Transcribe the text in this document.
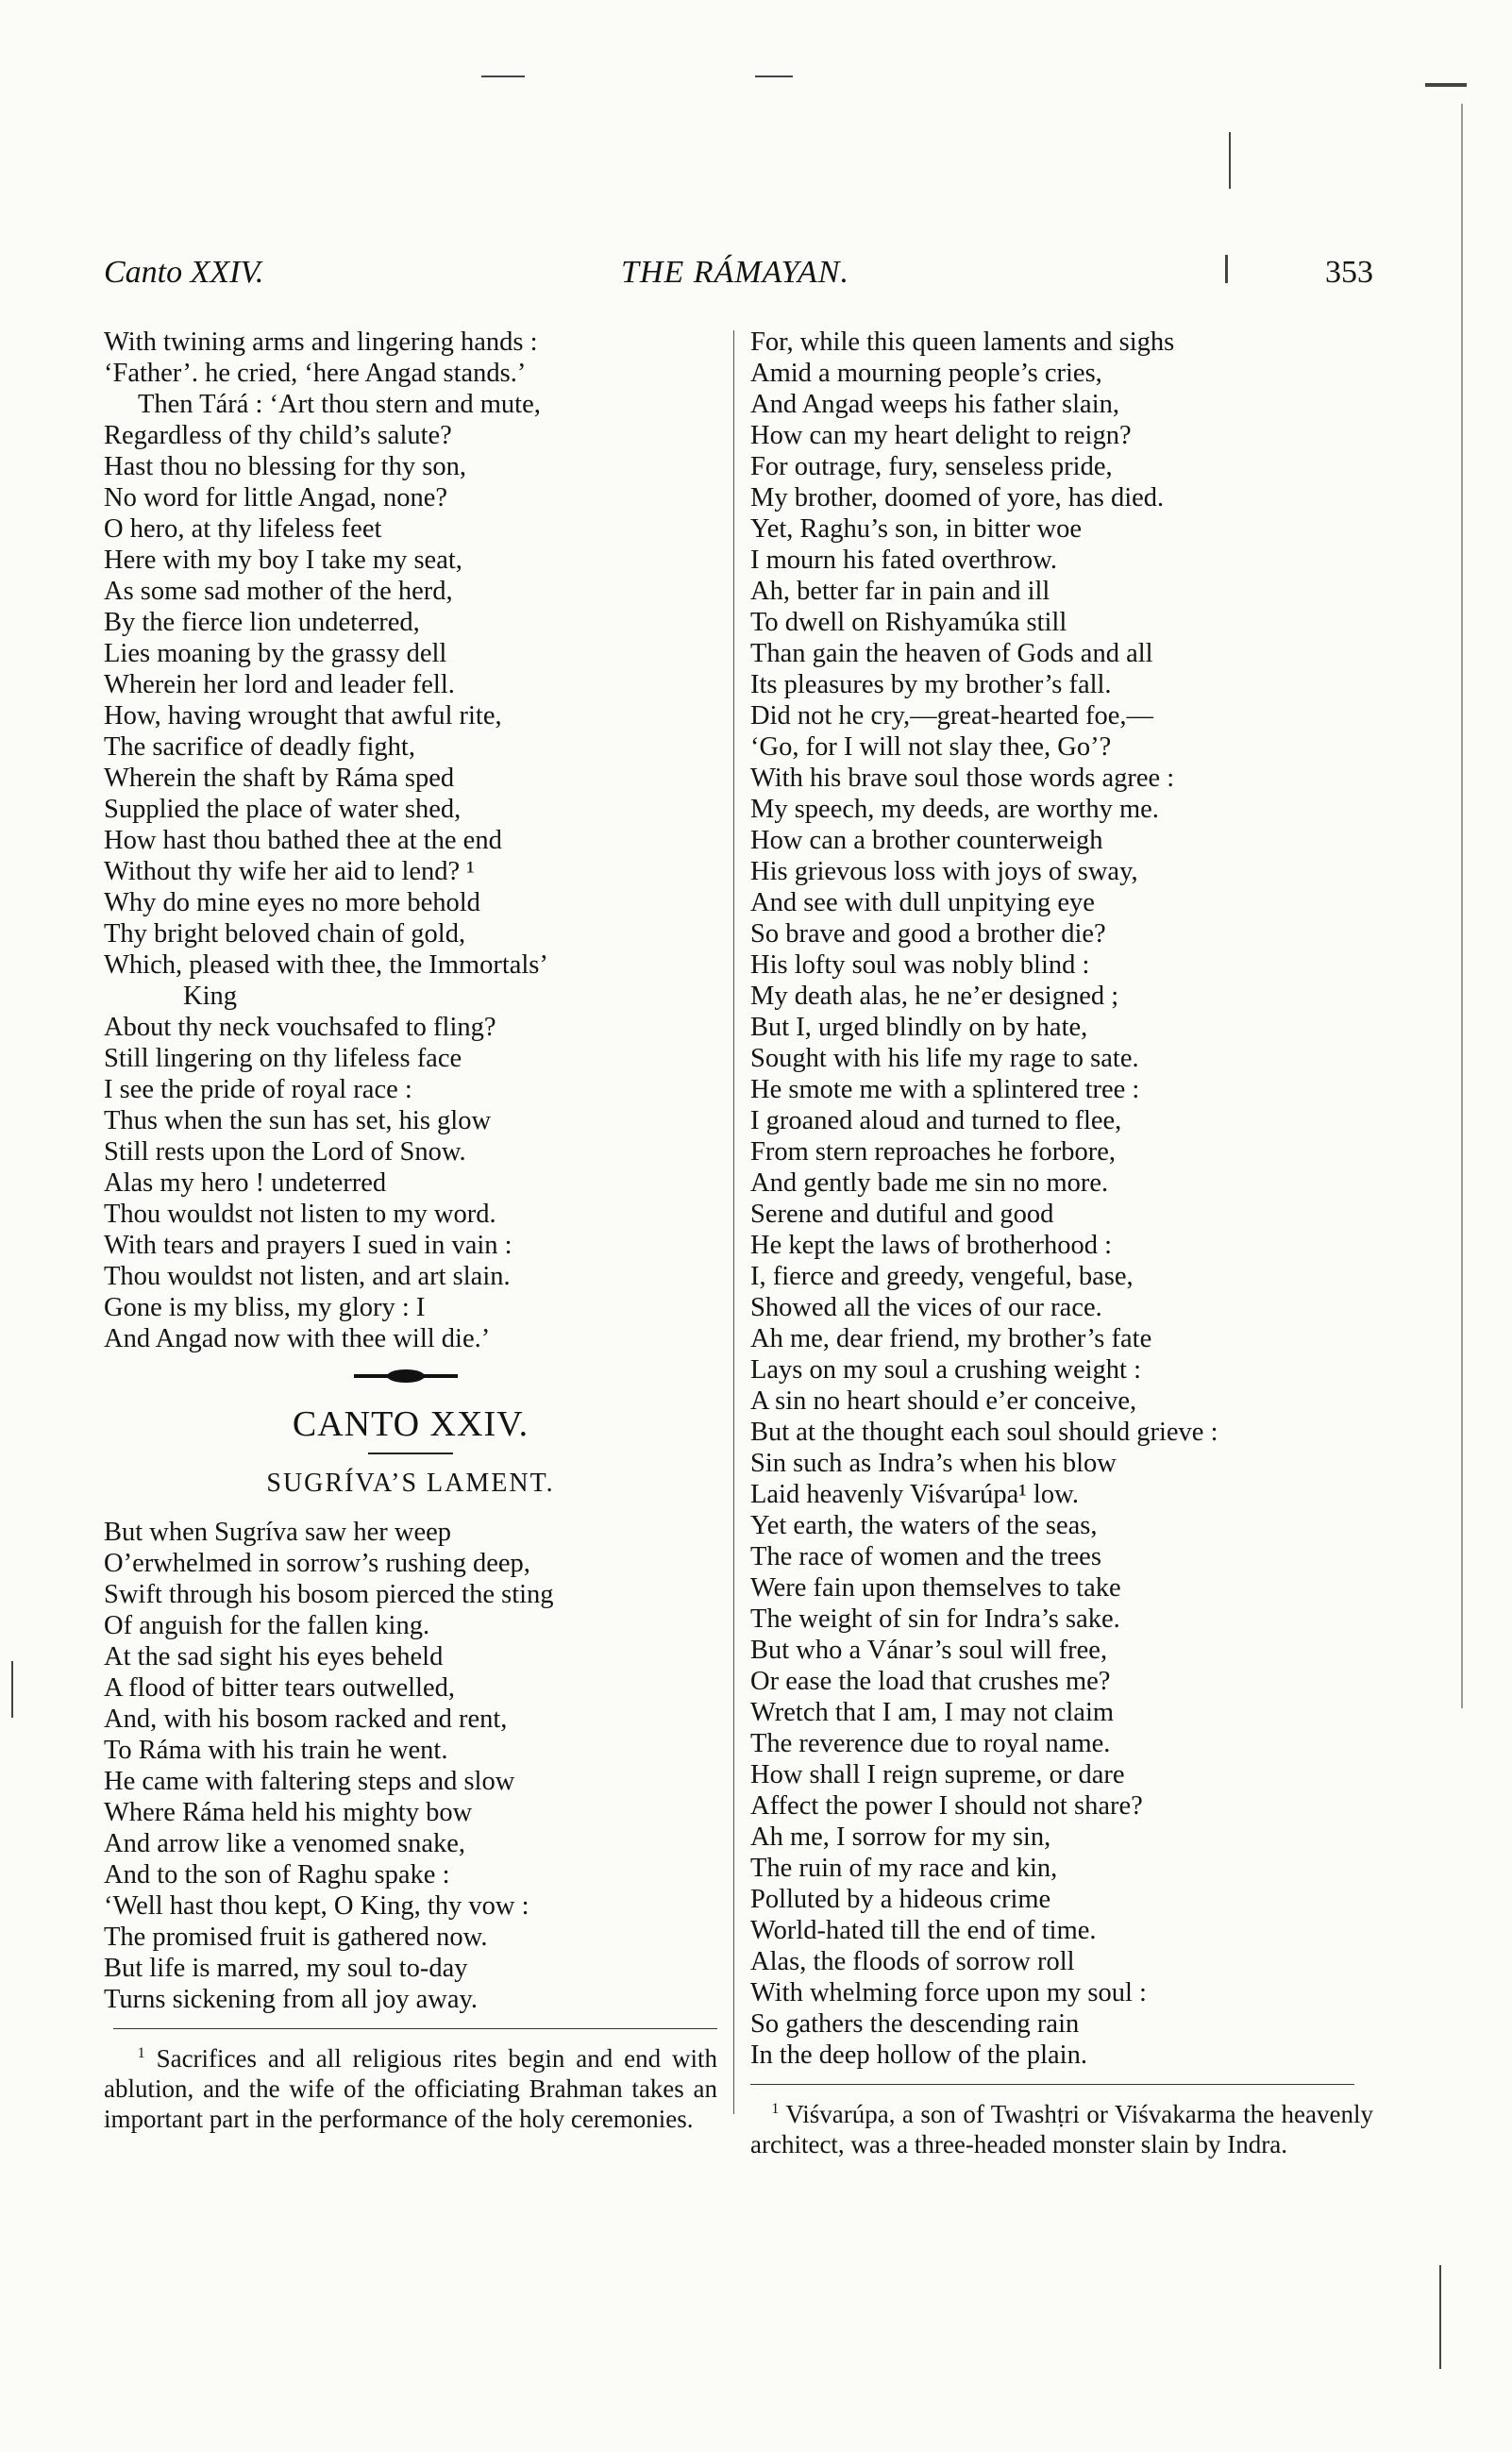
Canto XXIV.	THE RÁMAYAN.	353
With twining arms and lingering hands :
‘Father’. he cried, ‘here Angad stands.’
Then Tárá : ‘Art thou stern and mute,
Regardless of thy child’s salute?
Hast thou no blessing for thy son,
No word for little Angad, none?
O hero, at thy lifeless feet
Here with my boy I take my seat,
As some sad mother of the herd,
By the fierce lion undeterred,
Lies moaning by the grassy dell
Wherein her lord and leader fell.
How, having wrought that awful rite,
The sacrifice of deadly fight,
Wherein the shaft by Ráma sped
Supplied the place of water shed,
How hast thou bathed thee at the end
Without thy wife her aid to lend? ¹
Why do mine eyes no more behold
Thy bright beloved chain of gold,
Which, pleased with thee, the Immortals’
King
About thy neck vouchsafed to fling?
Still lingering on thy lifeless face
I see the pride of royal race :
Thus when the sun has set, his glow
Still rests upon the Lord of Snow.
Alas my hero ! undeterred
Thou wouldst not listen to my word.
With tears and prayers I sued in vain :
Thou wouldst not listen, and art slain.
Gone is my bliss, my glory : I
And Angad now with thee will die.’
CANTO XXIV.
SUGRÍVA’S LAMENT.
But when Sugríva saw her weep
O’erwhelmed in sorrow’s rushing deep,
Swift through his bosom pierced the sting
Of anguish for the fallen king.
At the sad sight his eyes beheld
A flood of bitter tears outwelled,
And, with his bosom racked and rent,
To Ráma with his train he went.
He came with faltering steps and slow
Where Ráma held his mighty bow
And arrow like a venomed snake,
And to the son of Raghu spake :
‘Well hast thou kept, O King, thy vow :
The promised fruit is gathered now.
But life is marred, my soul to-day
Turns sickening from all joy away.
$^1$ Sacrifices and all religious rites begin and end with ablution, and the wife of the officiating Brahman takes an important part in the performance of the holy ceremonies.
For, while this queen laments and sighs
Amid a mourning people’s cries,
And Angad weeps his father slain,
How can my heart delight to reign?
For outrage, fury, senseless pride,
My brother, doomed of yore, has died.
Yet, Raghu’s son, in bitter woe
I mourn his fated overthrow.
Ah, better far in pain and ill
To dwell on Rishyamúka still
Than gain the heaven of Gods and all
Its pleasures by my brother’s fall.
Did not he cry,—great-hearted foe,—
‘Go, for I will not slay thee, Go’?
With his brave soul those words agree :
My speech, my deeds, are worthy me.
How can a brother counterweigh
His grievous loss with joys of sway,
And see with dull unpitying eye
So brave and good a brother die?
His lofty soul was nobly blind :
My death alas, he ne’er designed ;
But I, urged blindly on by hate,
Sought with his life my rage to sate.
He smote me with a splintered tree :
I groaned aloud and turned to flee,
From stern reproaches he forbore,
And gently bade me sin no more.
Serene and dutiful and good
He kept the laws of brotherhood :
I, fierce and greedy, vengeful, base,
Showed all the vices of our race.
Ah me, dear friend, my brother’s fate
Lays on my soul a crushing weight :
A sin no heart should e’er conceive,
But at the thought each soul should grieve :
Sin such as Indra’s when his blow
Laid heavenly Viśvarúpa¹ low.
Yet earth, the waters of the seas,
The race of women and the trees
Were fain upon themselves to take
The weight of sin for Indra’s sake.
But who a Vánar’s soul will free,
Or ease the load that crushes me?
Wretch that I am, I may not claim
The reverence due to royal name.
How shall I reign supreme, or dare
Affect the power I should not share?
Ah me, I sorrow for my sin,
The ruin of my race and kin,
Polluted by a hideous crime
World-hated till the end of time.
Alas, the floods of sorrow roll
With whelming force upon my soul :
So gathers the descending rain
In the deep hollow of the plain.
$^1$ Viśvarúpa, a son of Twashṭri or Viśvakarma the heavenly architect, was a three-headed monster slain by Indra.
